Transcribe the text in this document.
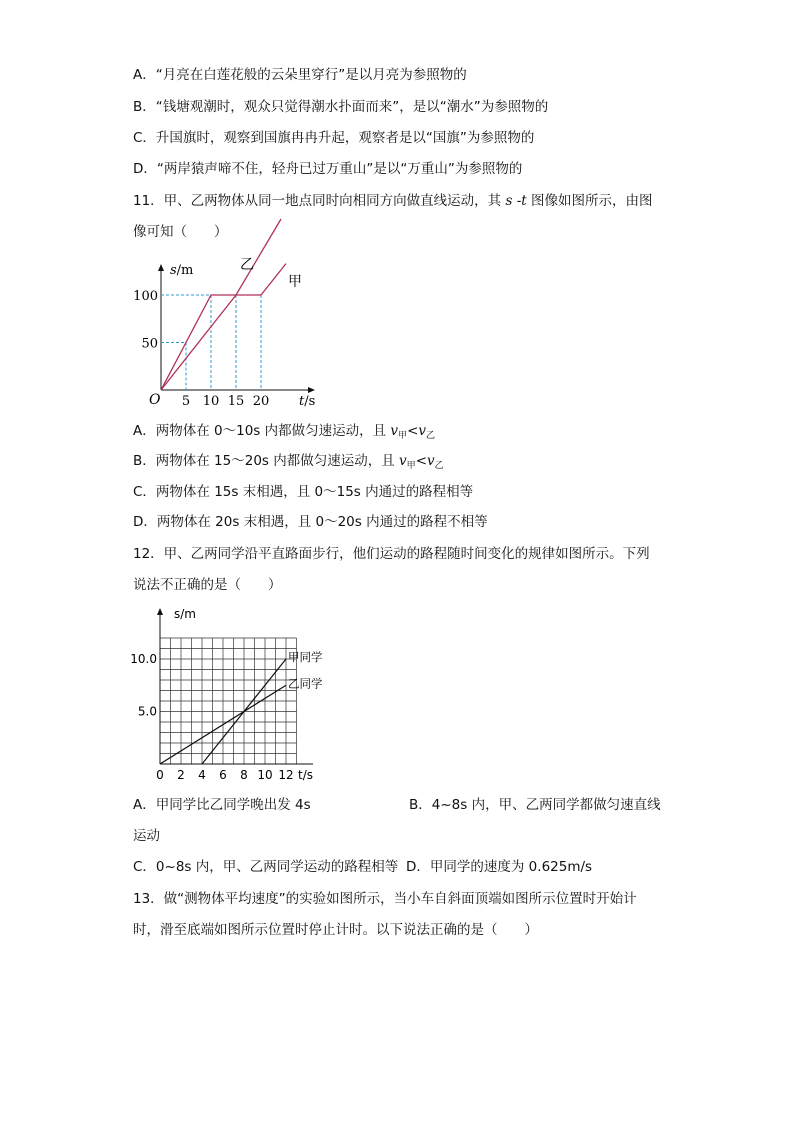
A．“月亮在白莲花般的云朵里穿行”是以月亮为参照物的
B．“钱塘观潮时，观众只觉得潮水扑面而来”，是以“潮水”为参照物的
C．升国旗时，观察到国旗冉冉升起，观察者是以“国旗”为参照物的
D．“两岸猿声啼不住，轻舟已过万重山”是以“万重山”为参照物的
11．甲、乙两物体从同一地点同时向相同方向做直线运动，其 s -t 图像如图所示，由图
像可知（　　）
甲
乙
5 10 15 20
50
100
O	t/s
s/m
A．两物体在 0～10s 内都做匀速运动，且 $v_甲<v_乙$
B．两物体在 15～20s 内都做匀速运动，且 $v_甲<v_乙$
C．两物体在 15s 末相遇，且 0～15s 内通过的路程相等
D．两物体在 20s 末相遇，且 0～20s 内通过的路程不相等
12．甲、乙两同学沿平直路面步行，他们运动的路程随时间变化的规律如图所示。下列
说法不正确的是（　　）
甲同学
乙同学
0 2 4 6 8 10 12
5.0
10.0
t/s
s/m
A．甲同学比乙同学晚出发 4s	B．4~8s 内，甲、乙两同学都做匀速直线
运动
C．0~8s 内，甲、乙两同学运动的路程相等 D．甲同学的速度为 0.625m/s
13．做“测物体平均速度”的实验如图所示，当小车自斜面顶端如图所示位置时开始计
时，滑至底端如图所示位置时停止计时。以下说法正确的是（　　）
